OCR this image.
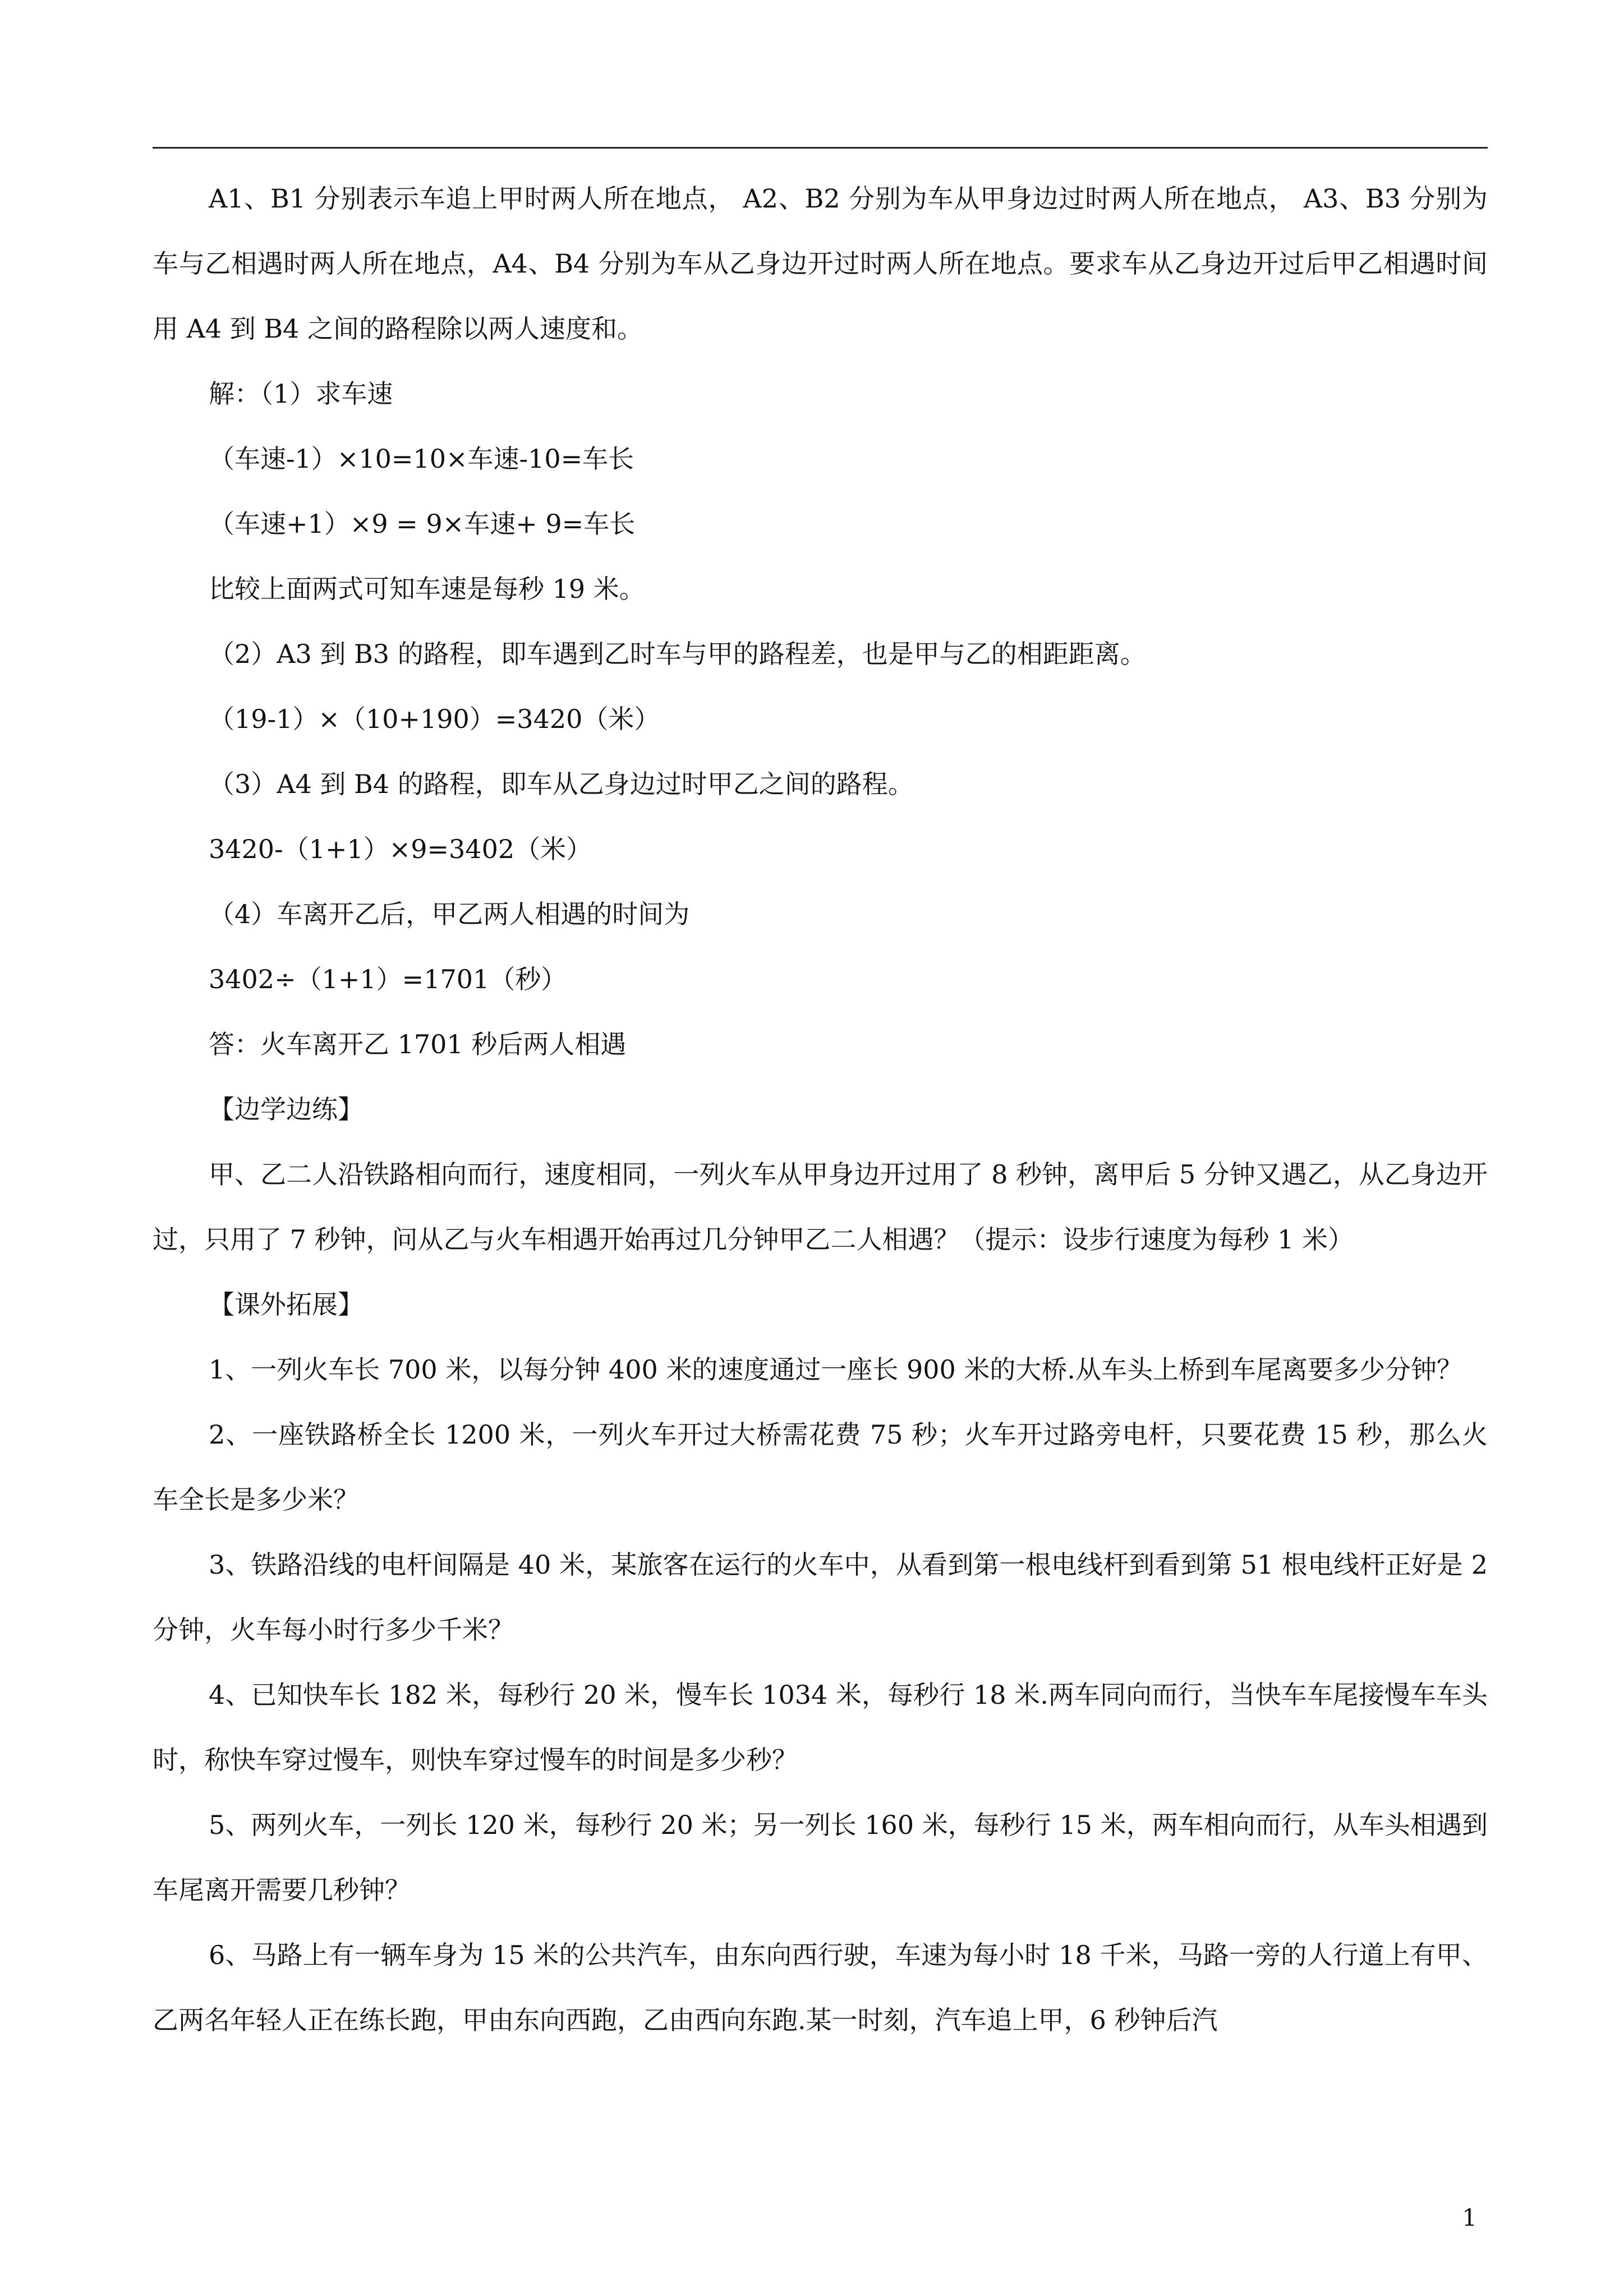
A1、B1 分别表示车追上甲时两人所在地点， A2、B2 分别为车从甲身边过时两人所在地点， A3、B3 分别为车与乙相遇时两人所在地点，A4、B4 分别为车从乙身边开过时两人所在地点。要求车从乙身边开过后甲乙相遇时间用 A4 到 B4 之间的路程除以两人速度和。

解：（1）求车速

（车速-1）×10=10×车速-10=车长

（车速+1）×9 = 9×车速+ 9=车长

比较上面两式可知车速是每秒 19 米。

（2）A3 到 B3 的路程，即车遇到乙时车与甲的路程差，也是甲与乙的相距距离。

（19-1）×（10+190）=3420（米）

（3）A4 到 B4 的路程，即车从乙身边过时甲乙之间的路程。

3420-（1+1）×9=3402（米）

（4）车离开乙后，甲乙两人相遇的时间为

3402÷（1+1）=1701（秒）

答：火车离开乙 1701 秒后两人相遇

【边学边练】

甲、乙二人沿铁路相向而行，速度相同，一列火车从甲身边开过用了 8 秒钟，离甲后 5 分钟又遇乙，从乙身边开过，只用了 7 秒钟，问从乙与火车相遇开始再过几分钟甲乙二人相遇？（提示：设步行速度为每秒 1 米）

【课外拓展】

1、一列火车长 700 米，以每分钟 400 米的速度通过一座长 900 米的大桥.从车头上桥到车尾离要多少分钟？

2、一座铁路桥全长 1200 米，一列火车开过大桥需花费 75 秒；火车开过路旁电杆，只要花费 15 秒，那么火车全长是多少米？

3、铁路沿线的电杆间隔是 40 米，某旅客在运行的火车中，从看到第一根电线杆到看到第 51 根电线杆正好是 2 分钟，火车每小时行多少千米？

4、已知快车长 182 米，每秒行 20 米，慢车长 1034 米，每秒行 18 米.两车同向而行，当快车车尾接慢车车头时，称快车穿过慢车，则快车穿过慢车的时间是多少秒？

5、两列火车，一列长 120 米，每秒行 20 米；另一列长 160 米，每秒行 15 米，两车相向而行，从车头相遇到车尾离开需要几秒钟？

6、马路上有一辆车身为 15 米的公共汽车，由东向西行驶，车速为每小时 18 千米，马路一旁的人行道上有甲、乙两名年轻人正在练长跑，甲由东向西跑，乙由西向东跑.某一时刻，汽车追上甲，6 秒钟后汽

1
